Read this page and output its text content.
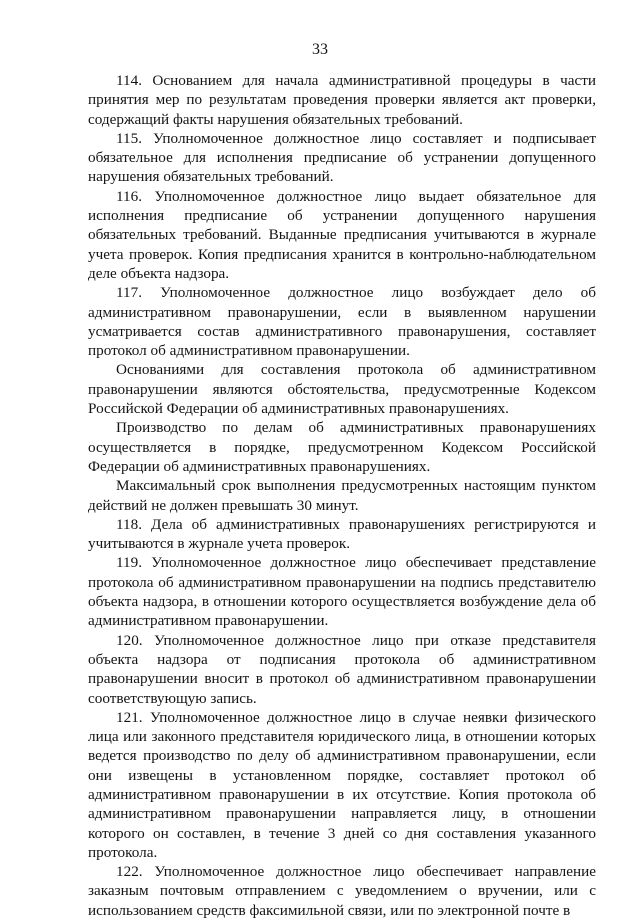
33

114. Основанием для начала административной процедуры в части принятия мер по результатам проведения проверки является акт проверки, содержащий факты нарушения обязательных требований.

115. Уполномоченное должностное лицо составляет и подписывает обязательное для исполнения предписание об устранении допущенного нарушения обязательных требований.

116. Уполномоченное должностное лицо выдает обязательное для исполнения предписание об устранении допущенного нарушения обязательных требований. Выданные предписания учитываются в журнале учета проверок. Копия предписания хранится в контрольно-наблюдательном деле объекта надзора.

117. Уполномоченное должностное лицо возбуждает дело об административном правонарушении, если в выявленном нарушении усматривается состав административного правонарушения, составляет протокол об административном правонарушении.

Основаниями для составления протокола об административном правонарушении являются обстоятельства, предусмотренные Кодексом Российской Федерации об административных правонарушениях.

Производство по делам об административных правонарушениях осуществляется в порядке, предусмотренном Кодексом Российской Федерации об административных правонарушениях.

Максимальный срок выполнения предусмотренных настоящим пунктом действий не должен превышать 30 минут.

118. Дела об административных правонарушениях регистрируются и учитываются в журнале учета проверок.

119. Уполномоченное должностное лицо обеспечивает представление протокола об административном правонарушении на подпись представителю объекта надзора, в отношении которого осуществляется возбуждение дела об административном правонарушении.

120. Уполномоченное должностное лицо при отказе представителя объекта надзора от подписания протокола об административном правонарушении вносит в протокол об административном правонарушении соответствующую запись.

121. Уполномоченное должностное лицо в случае неявки физического лица или законного представителя юридического лица, в отношении которых ведется производство по делу об административном правонарушении, если они извещены в установленном порядке, составляет протокол об административном правонарушении в их отсутствие. Копия протокола об административном правонарушении направляется лицу, в отношении которого он составлен, в течение 3 дней со дня составления указанного протокола.

122. Уполномоченное должностное лицо обеспечивает направление заказным почтовым отправлением с уведомлением о вручении, или с использованием средств факсимильной связи, или по электронной почте в
